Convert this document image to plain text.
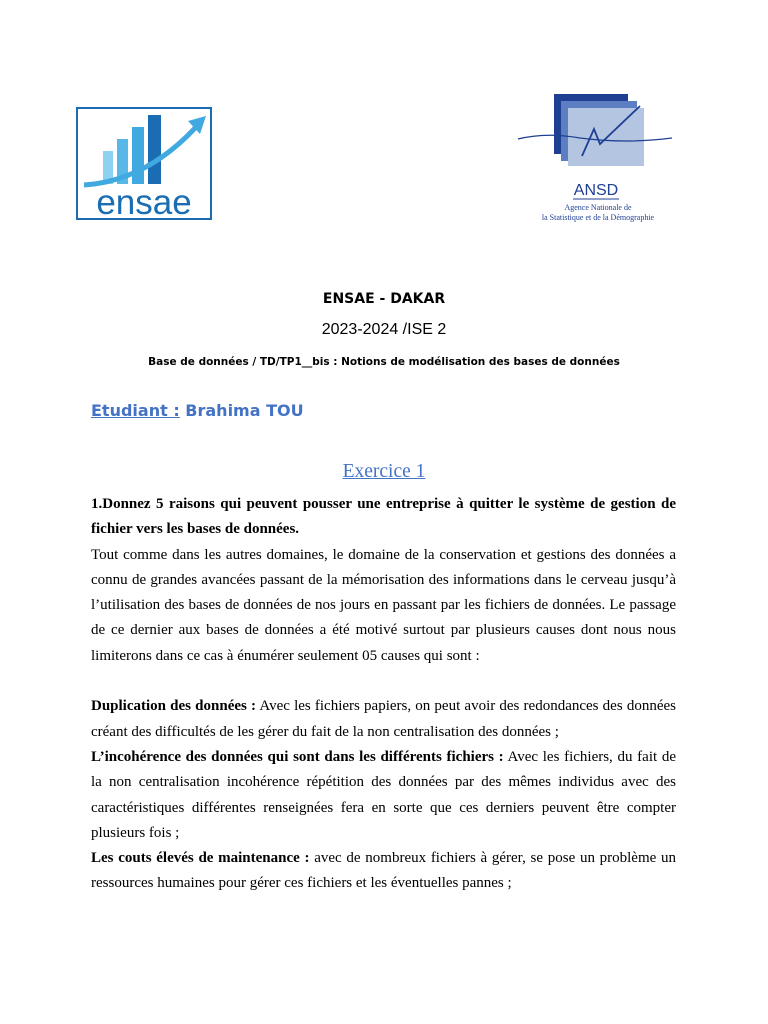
ensae	ANSD
Agence Nationale de
la Statistique et de la Démographie
ENSAE - DAKAR
2023-2024 /ISE 2
Base de données / TD/TP1__bis : Notions de modélisation des bases de données
Etudiant : Brahima TOU
Exercice 1

1.Donnez 5 raisons qui peuvent pousser une entreprise à quitter le système de gestion de fichier vers les bases de données.

Tout comme dans les autres domaines, le domaine de la conservation et gestions des données a connu de grandes avancées passant de la mémorisation des informations dans le cerveau jusqu’à l’utilisation des bases de données de nos jours en passant par les fichiers de données. Le passage de ce dernier aux bases de données a été motivé surtout par plusieurs causes dont nous nous limiterons dans ce cas à énumérer seulement 05 causes qui sont :

Duplication des données : Avec les fichiers papiers, on peut avoir des redondances des données créant des difficultés de les gérer du fait de la non centralisation des données ;

L’incohérence des données qui sont dans les différents fichiers : Avec les fichiers, du fait de la non centralisation incohérence répétition des données par des mêmes individus avec des caractéristiques différentes renseignées fera en sorte que ces derniers peuvent être compter plusieurs fois ;

Les couts élevés de maintenance : avec de nombreux fichiers à gérer, se pose un problème un ressources humaines pour gérer ces fichiers et les éventuelles pannes ;
